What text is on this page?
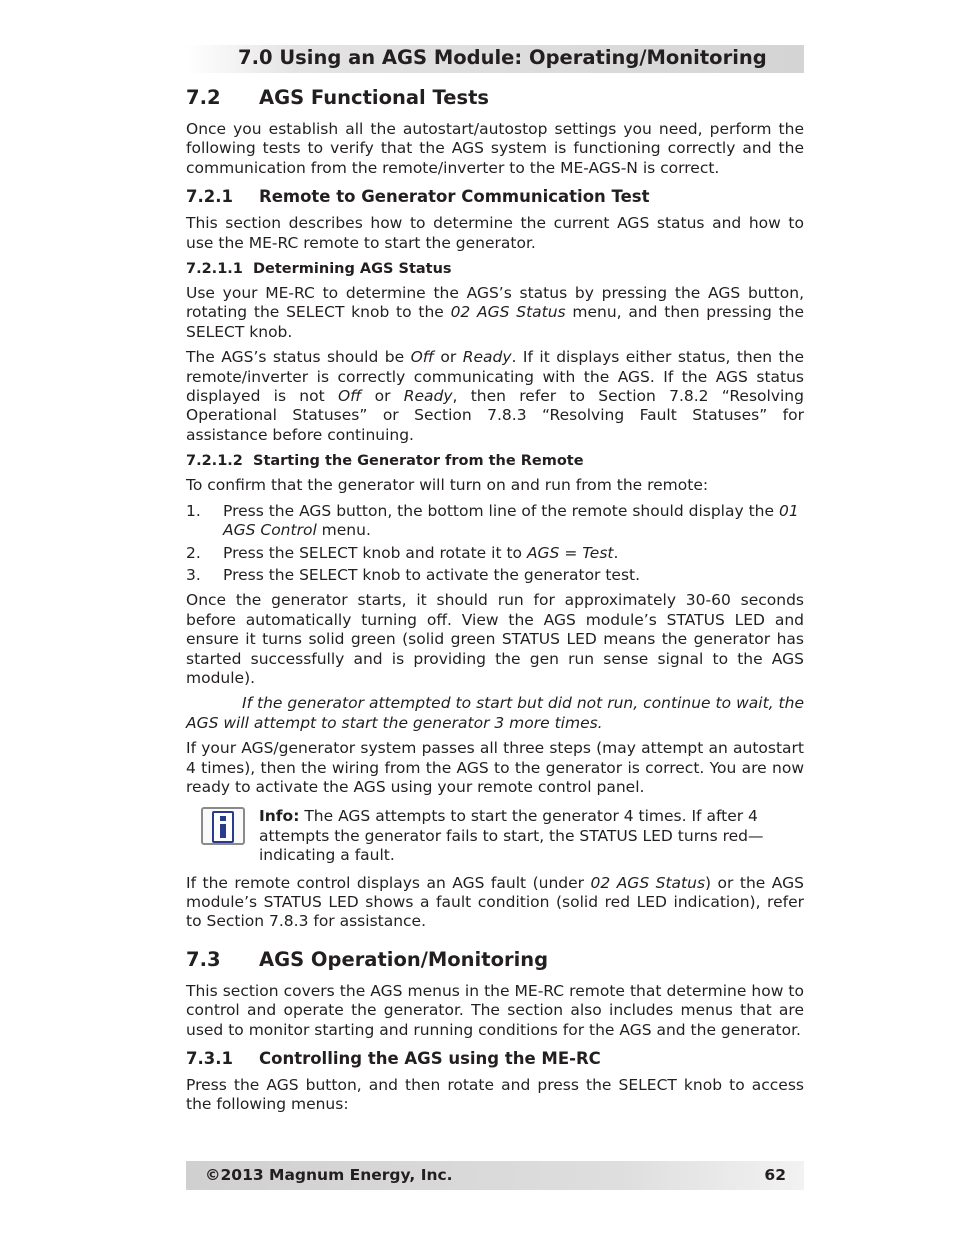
7.0 Using an AGS Module: Operating/Monitoring
7.2 AGS Functional Tests

Once you establish all the autostart/autostop settings you need, perform the following tests to verify that the AGS system is functioning correctly and the communication from the remote/inverter to the ME-AGS-N is correct.

7.2.1 Remote to Generator Communication Test

This section describes how to determine the current AGS status and how to use the ME-RC remote to start the generator.

7.2.1.1 Determining AGS Status

Use your ME-RC to determine the AGS’s status by pressing the AGS button, rotating the SELECT knob to the 02 AGS Status menu, and then pressing the SELECT knob.

The AGS’s status should be Off or Ready. If it displays either status, then the remote/inverter is correctly communicating with the AGS. If the AGS status displayed is not Off or Ready, then refer to Section 7.8.2 “Resolving Operational Statuses” or Section 7.8.3 “Resolving Fault Statuses” for assistance before continuing.

7.2.1.2 Starting the Generator from the Remote

To confirm that the generator will turn on and run from the remote:

1. Press the AGS button, the bottom line of the remote should display the 01 AGS Control menu.
2. Press the SELECT knob and rotate it to AGS = Test.
3. Press the SELECT knob to activate the generator test.

Once the generator starts, it should run for approximately 30-60 seconds before automatically turning off. View the AGS module’s STATUS LED and ensure it turns solid green (solid green STATUS LED means the generator has started successfully and is providing the gen run sense signal to the AGS module).

If the generator attempted to start but did not run, continue to wait, the AGS will attempt to start the generator 3 more times.

If your AGS/generator system passes all three steps (may attempt an autostart 4 times), then the wiring from the AGS to the generator is correct. You are now ready to activate the AGS using your remote control panel.

Info: The AGS attempts to start the generator 4 times. If after 4 attempts the generator fails to start, the STATUS LED turns red—indicating a fault.

If the remote control displays an AGS fault (under 02 AGS Status) or the AGS module’s STATUS LED shows a fault condition (solid red LED indication), refer to Section 7.8.3 for assistance.

7.3 AGS Operation/Monitoring

This section covers the AGS menus in the ME-RC remote that determine how to control and operate the generator. The section also includes menus that are used to monitor starting and running conditions for the AGS and the generator.

7.3.1 Controlling the AGS using the ME-RC

Press the AGS button, and then rotate and press the SELECT knob to access the following menus:

©2013 Magnum Energy, Inc.	62
